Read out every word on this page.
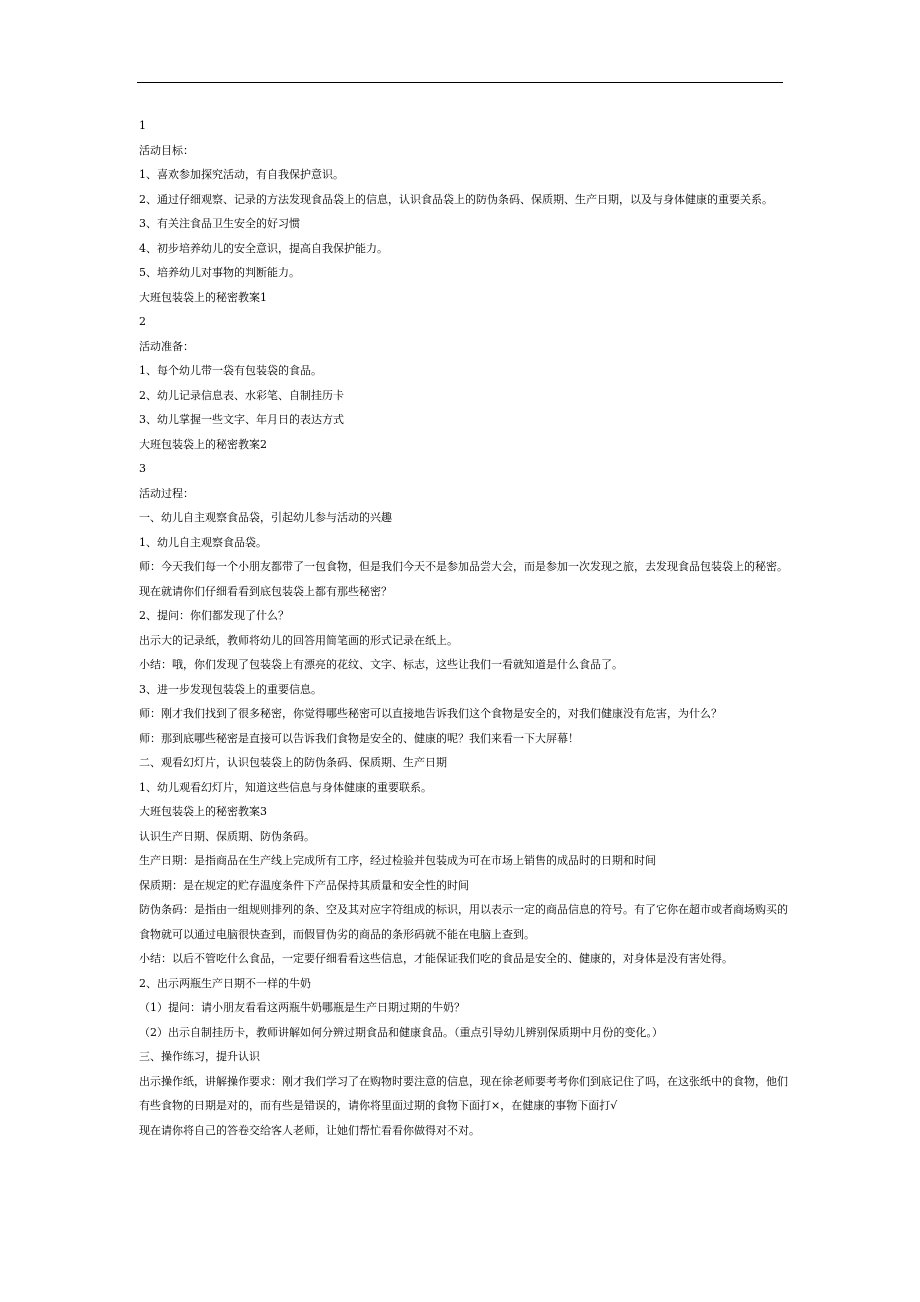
1
活动目标：
1、喜欢参加探究活动，有自我保护意识。
2、通过仔细观察、记录的方法发现食品袋上的信息，认识食品袋上的防伪条码、保质期、生产日期，以及与身体健康的重要关系。
3、有关注食品卫生安全的好习惯
4、初步培养幼儿的安全意识，提高自我保护能力。
5、培养幼儿对事物的判断能力。
大班包装袋上的秘密教案1
2
活动准备：
1、每个幼儿带一袋有包装袋的食品。
2、幼儿记录信息表、水彩笔、自制挂历卡
3、幼儿掌握一些文字、年月日的表达方式
大班包装袋上的秘密教案2
3
活动过程：
一、幼儿自主观察食品袋，引起幼儿参与活动的兴趣
1、幼儿自主观察食品袋。
师：今天我们每一个小朋友都带了一包食物，但是我们今天不是参加品尝大会，而是参加一次发现之旅，去发现食品包装袋上的秘密。
现在就请你们仔细看看到底包装袋上都有那些秘密？
2、提问：你们都发现了什么？
出示大的记录纸，教师将幼儿的回答用简笔画的形式记录在纸上。
小结：哦，你们发现了包装袋上有漂亮的花纹、文字、标志，这些让我们一看就知道是什么食品了。
3、进一步发现包装袋上的重要信息。
师：刚才我们找到了很多秘密，你觉得哪些秘密可以直接地告诉我们这个食物是安全的，对我们健康没有危害，为什么？
师：那到底哪些秘密是直接可以告诉我们食物是安全的、健康的呢？我们来看一下大屏幕！
二、观看幻灯片，认识包装袋上的防伪条码、保质期、生产日期
1、幼儿观看幻灯片，知道这些信息与身体健康的重要联系。
大班包装袋上的秘密教案3
认识生产日期、保质期、防伪条码。
生产日期：是指商品在生产线上完成所有工序，经过检验并包装成为可在市场上销售的成品时的日期和时间
保质期：是在规定的贮存温度条件下产品保持其质量和安全性的时间
防伪条码：是指由一组规则排列的条、空及其对应字符组成的标识，用以表示一定的商品信息的符号。有了它你在超市或者商场购买的
食物就可以通过电脑很快查到，而假冒伪劣的商品的条形码就不能在电脑上查到。
小结：以后不管吃什么食品，一定要仔细看看这些信息，才能保证我们吃的食品是安全的、健康的，对身体是没有害处得。
2、出示两瓶生产日期不一样的牛奶
（1）提问：请小朋友看看这两瓶牛奶哪瓶是生产日期过期的牛奶？
（2）出示自制挂历卡，教师讲解如何分辨过期食品和健康食品。（重点引导幼儿辨别保质期中月份的变化。）
三、操作练习，提升认识
出示操作纸，讲解操作要求：刚才我们学习了在购物时要注意的信息，现在徐老师要考考你们到底记住了吗，在这张纸中的食物，他们
有些食物的日期是对的，而有些是错误的，请你将里面过期的食物下面打×，在健康的事物下面打√
现在请你将自己的答卷交给客人老师，让她们帮忙看看你做得对不对。
